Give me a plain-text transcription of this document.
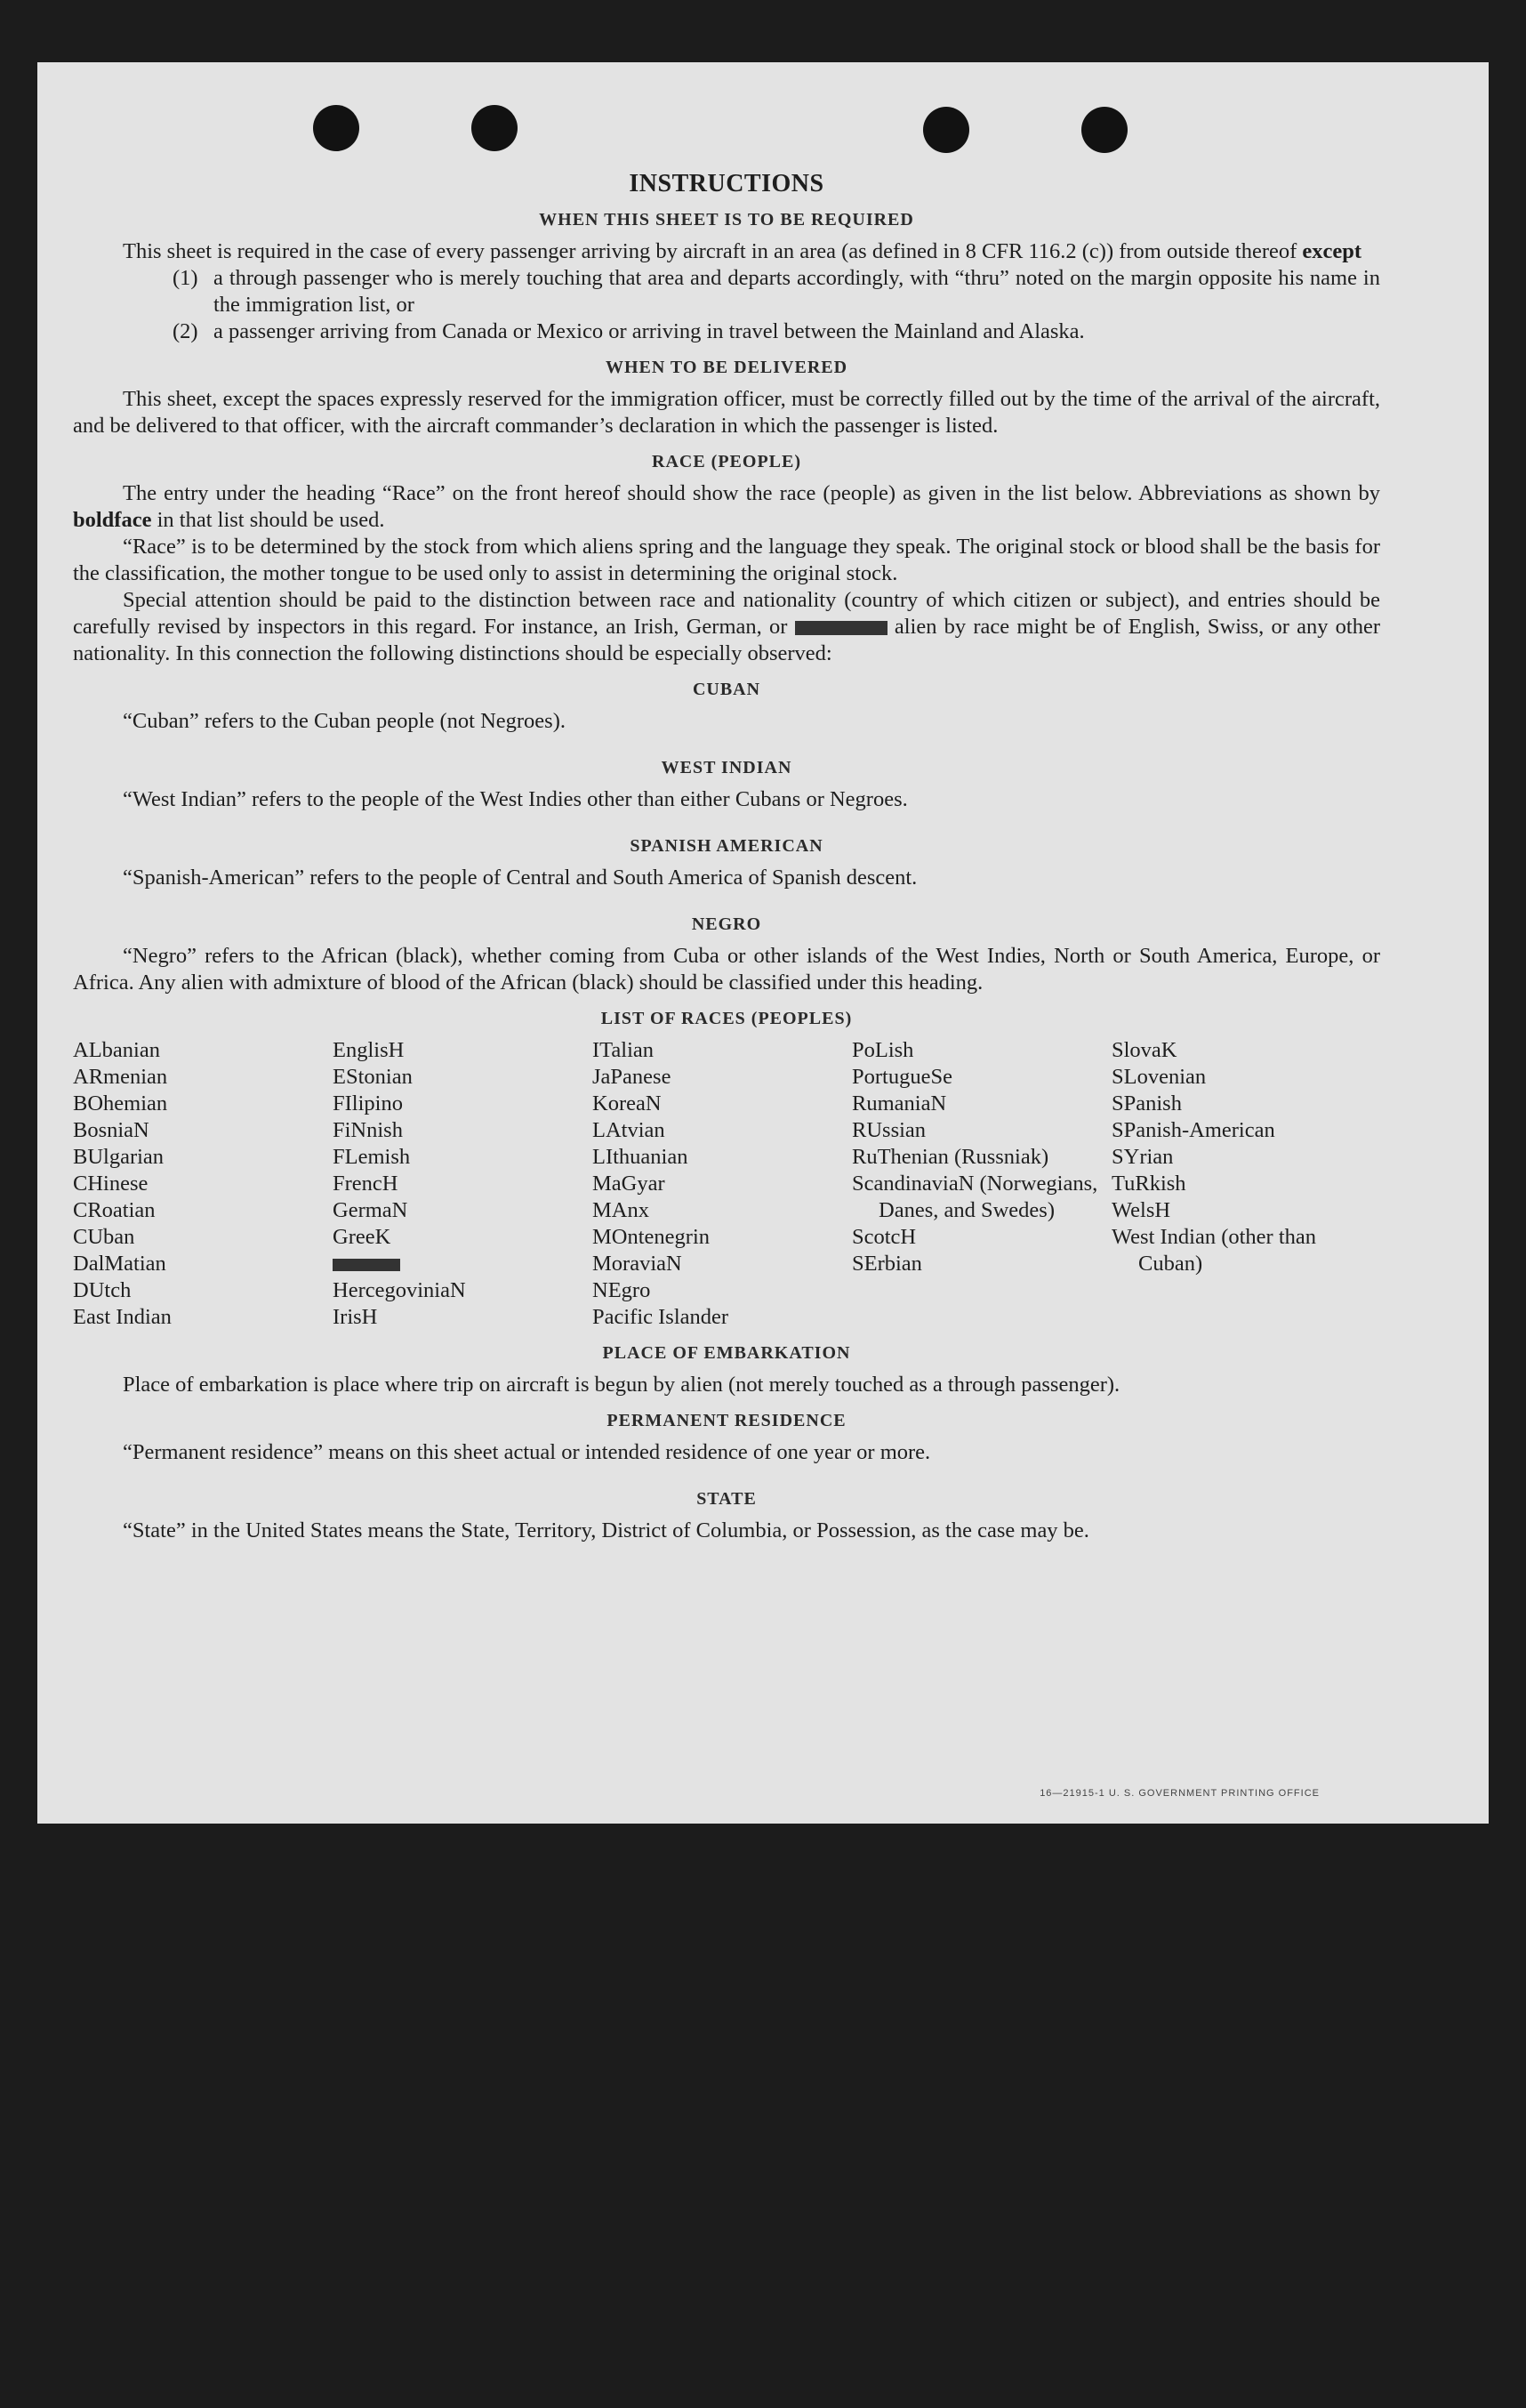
INSTRUCTIONS
WHEN THIS SHEET IS TO BE REQUIRED

This sheet is required in the case of every passenger arriving by aircraft in an area (as defined in 8 CFR 116.2 (c)) from outside thereof except

(1) a through passenger who is merely touching that area and departs accordingly, with “thru” noted on the margin opposite his name in the immigration list, or
(2) a passenger arriving from Canada or Mexico or arriving in travel between the Mainland and Alaska.
WHEN TO BE DELIVERED

This sheet, except the spaces expressly reserved for the immigration officer, must be correctly filled out by the time of the arrival of the aircraft, and be delivered to that officer, with the aircraft commander’s declaration in which the passenger is listed.

RACE (PEOPLE)

The entry under the heading “Race” on the front hereof should show the race (people) as given in the list below. Abbreviations as shown by boldface in that list should be used.

“Race” is to be determined by the stock from which aliens spring and the language they speak. The original stock or blood shall be the basis for the classification, the mother tongue to be used only to assist in determining the original stock.

Special attention should be paid to the distinction between race and nationality (country of which citizen or subject), and entries should be carefully revised by inspectors in this regard. For instance, an Irish, German, or	alien by race might be of English, Swiss, or any other nationality. In this connection the following distinctions should be especially observed:

CUBAN

“Cuban” refers to the Cuban people (not Negroes).

WEST INDIAN

“West Indian” refers to the people of the West Indies other than either Cubans or Negroes.

SPANISH AMERICAN

“Spanish-American” refers to the people of Central and South America of Spanish descent.

NEGRO

“Negro” refers to the African (black), whether coming from Cuba or other islands of the West Indies, North or South America, Europe, or Africa. Any alien with admixture of blood of the African (black) should be classified under this heading.

LIST OF RACES (PEOPLES)
ALbanian
ARmenian
BOhemian
BosniaN
BUlgarian
CHinese
CRoatian
CUban
DalMatian
DUtch
East Indian
EnglisH
EStonian
FIlipino
FiNnish
FLemish
FrencH
GermaN
GreeK
HercegoviniaN
IrisH
ITalian
JaPanese
KoreaN
LAtvian
LIthuanian
MaGyar
MAnx
MOntenegrin
MoraviaN
NEgro
Pacific Islander
PoLish
PortugueSe
RumaniaN
RUssian
RuThenian (Russniak)
ScandinaviaN (Norwegians, Danes, and Swedes)
ScotcH
SErbian
SlovaK
SLovenian
SPanish
SPanish-American
SYrian
TuRkish
WelsH
West Indian (other than Cuban)
PLACE OF EMBARKATION

Place of embarkation is place where trip on aircraft is begun by alien (not merely touched as a through passenger).

PERMANENT RESIDENCE

“Permanent residence” means on this sheet actual or intended residence of one year or more.

STATE

“State” in the United States means the State, Territory, District of Columbia, or Possession, as the case may be.

16—21915-1 U. S. GOVERNMENT PRINTING OFFICE
